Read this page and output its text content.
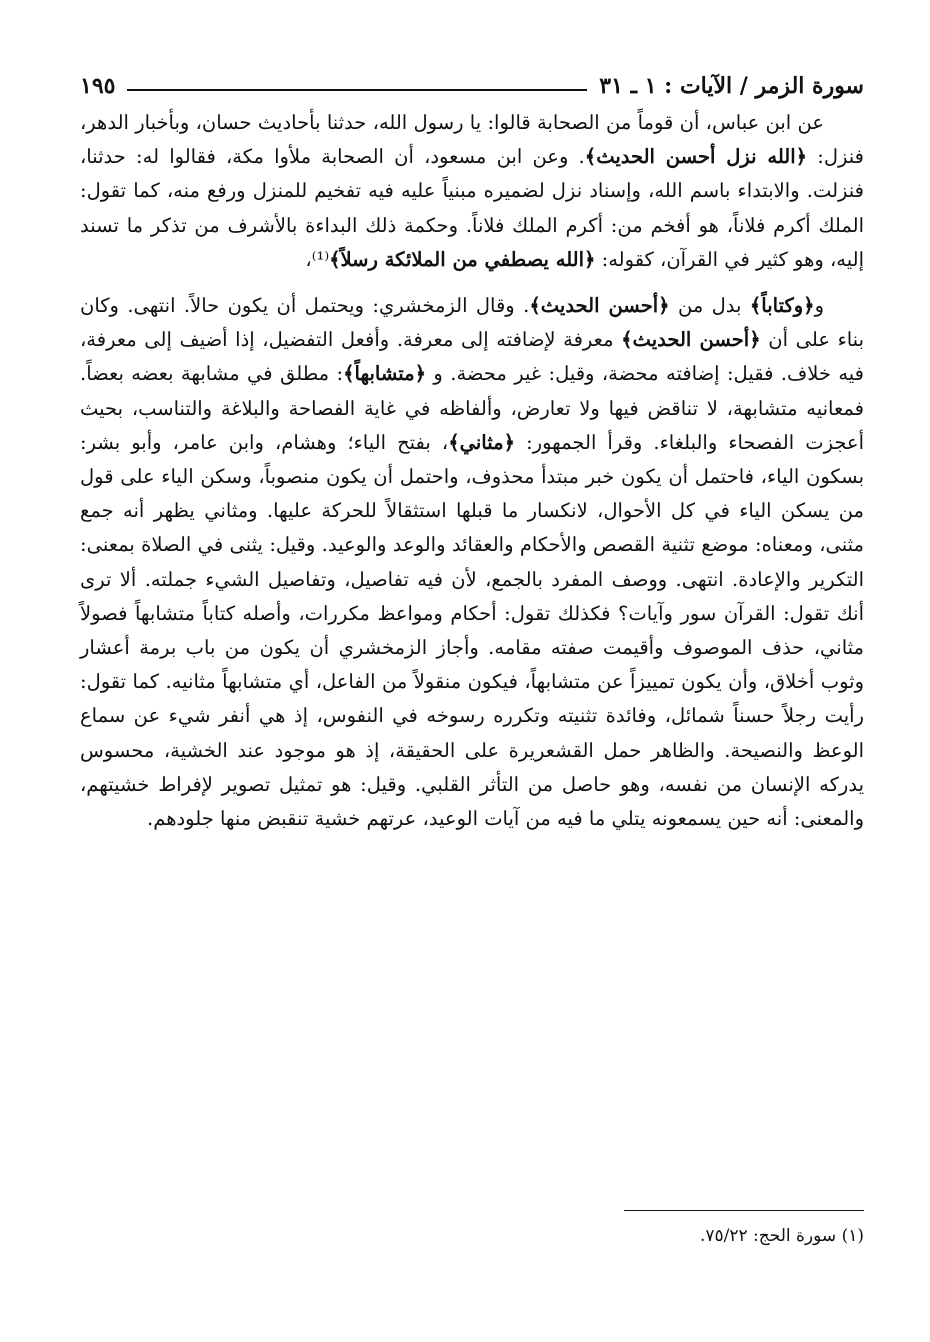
سورة الزمر / الآيات : ١ ـ ٣١
١٩٥

عن ابن عباس، أن قوماً من الصحابة قالوا: يا رسول الله، حدثنا بأحاديث حسان، وبأخبار الدهر، فنزل: ﴿الله نزل أحسن الحديث﴾. وعن ابن مسعود، أن الصحابة ملأوا مكة، فقالوا له: حدثنا، فنزلت. والابتداء باسم الله، وإسناد نزل لضميره مبنياً عليه فيه تفخيم للمنزل ورفع منه، كما تقول: الملك أكرم فلاناً، هو أفخم من: أكرم الملك فلاناً. وحكمة ذلك البداءة بالأشرف من تذكر ما تسند إليه، وهو كثير في القرآن، كقوله: ﴿الله يصطفي من الملائكة رسلاً﴾⁽¹⁾،

و﴿وكتاباً﴾ بدل من ﴿أحسن الحديث﴾. وقال الزمخشري: ويحتمل أن يكون حالاً. انتهى. وكان بناء على أن ﴿أحسن الحديث﴾ معرفة لإضافته إلى معرفة. وأفعل التفضيل، إذا أضيف إلى معرفة، فيه خلاف. فقيل: إضافته محضة، وقيل: غير محضة. و ﴿متشابهاً﴾: مطلق في مشابهة بعضه بعضاً. فمعانيه متشابهة، لا تناقض فيها ولا تعارض، وألفاظه في غاية الفصاحة والبلاغة والتناسب، بحيث أعجزت الفصحاء والبلغاء. وقرأ الجمهور: ﴿مثاني﴾، بفتح الياء؛ وهشام، وابن عامر، وأبو بشر: بسكون الياء، فاحتمل أن يكون خبر مبتدأ محذوف، واحتمل أن يكون منصوباً، وسكن الياء على قول من يسكن الياء في كل الأحوال، لانكسار ما قبلها استثقالاً للحركة عليها. ومثاني يظهر أنه جمع مثنى، ومعناه: موضع تثنية القصص والأحكام والعقائد والوعد والوعيد. وقيل: يثنى في الصلاة بمعنى: التكرير والإعادة. انتهى. ووصف المفرد بالجمع، لأن فيه تفاصيل، وتفاصيل الشيء جملته. ألا ترى أنك تقول: القرآن سور وآيات؟ فكذلك تقول: أحكام ومواعظ مكررات، وأصله كتاباً متشابهاً فصولاً مثاني، حذف الموصوف وأقيمت صفته مقامه. وأجاز الزمخشري أن يكون من باب برمة أعشار وثوب أخلاق، وأن يكون تمييزاً عن متشابهاً، فيكون منقولاً من الفاعل، أي متشابهاً مثانيه. كما تقول: رأيت رجلاً حسناً شمائل، وفائدة تثنيته وتكرره رسوخه في النفوس، إذ هي أنفر شيء عن سماع الوعظ والنصيحة. والظاهر حمل القشعريرة على الحقيقة، إذ هو موجود عند الخشية، محسوس يدركه الإنسان من نفسه، وهو حاصل من التأثر القلبي. وقيل: هو تمثيل تصوير لإفراط خشيتهم، والمعنى: أنه حين يسمعونه يتلي ما فيه من آيات الوعيد، عرتهم خشية تنقبض منها جلودهم.

(١) سورة الحج: ٧٥/٢٢.
